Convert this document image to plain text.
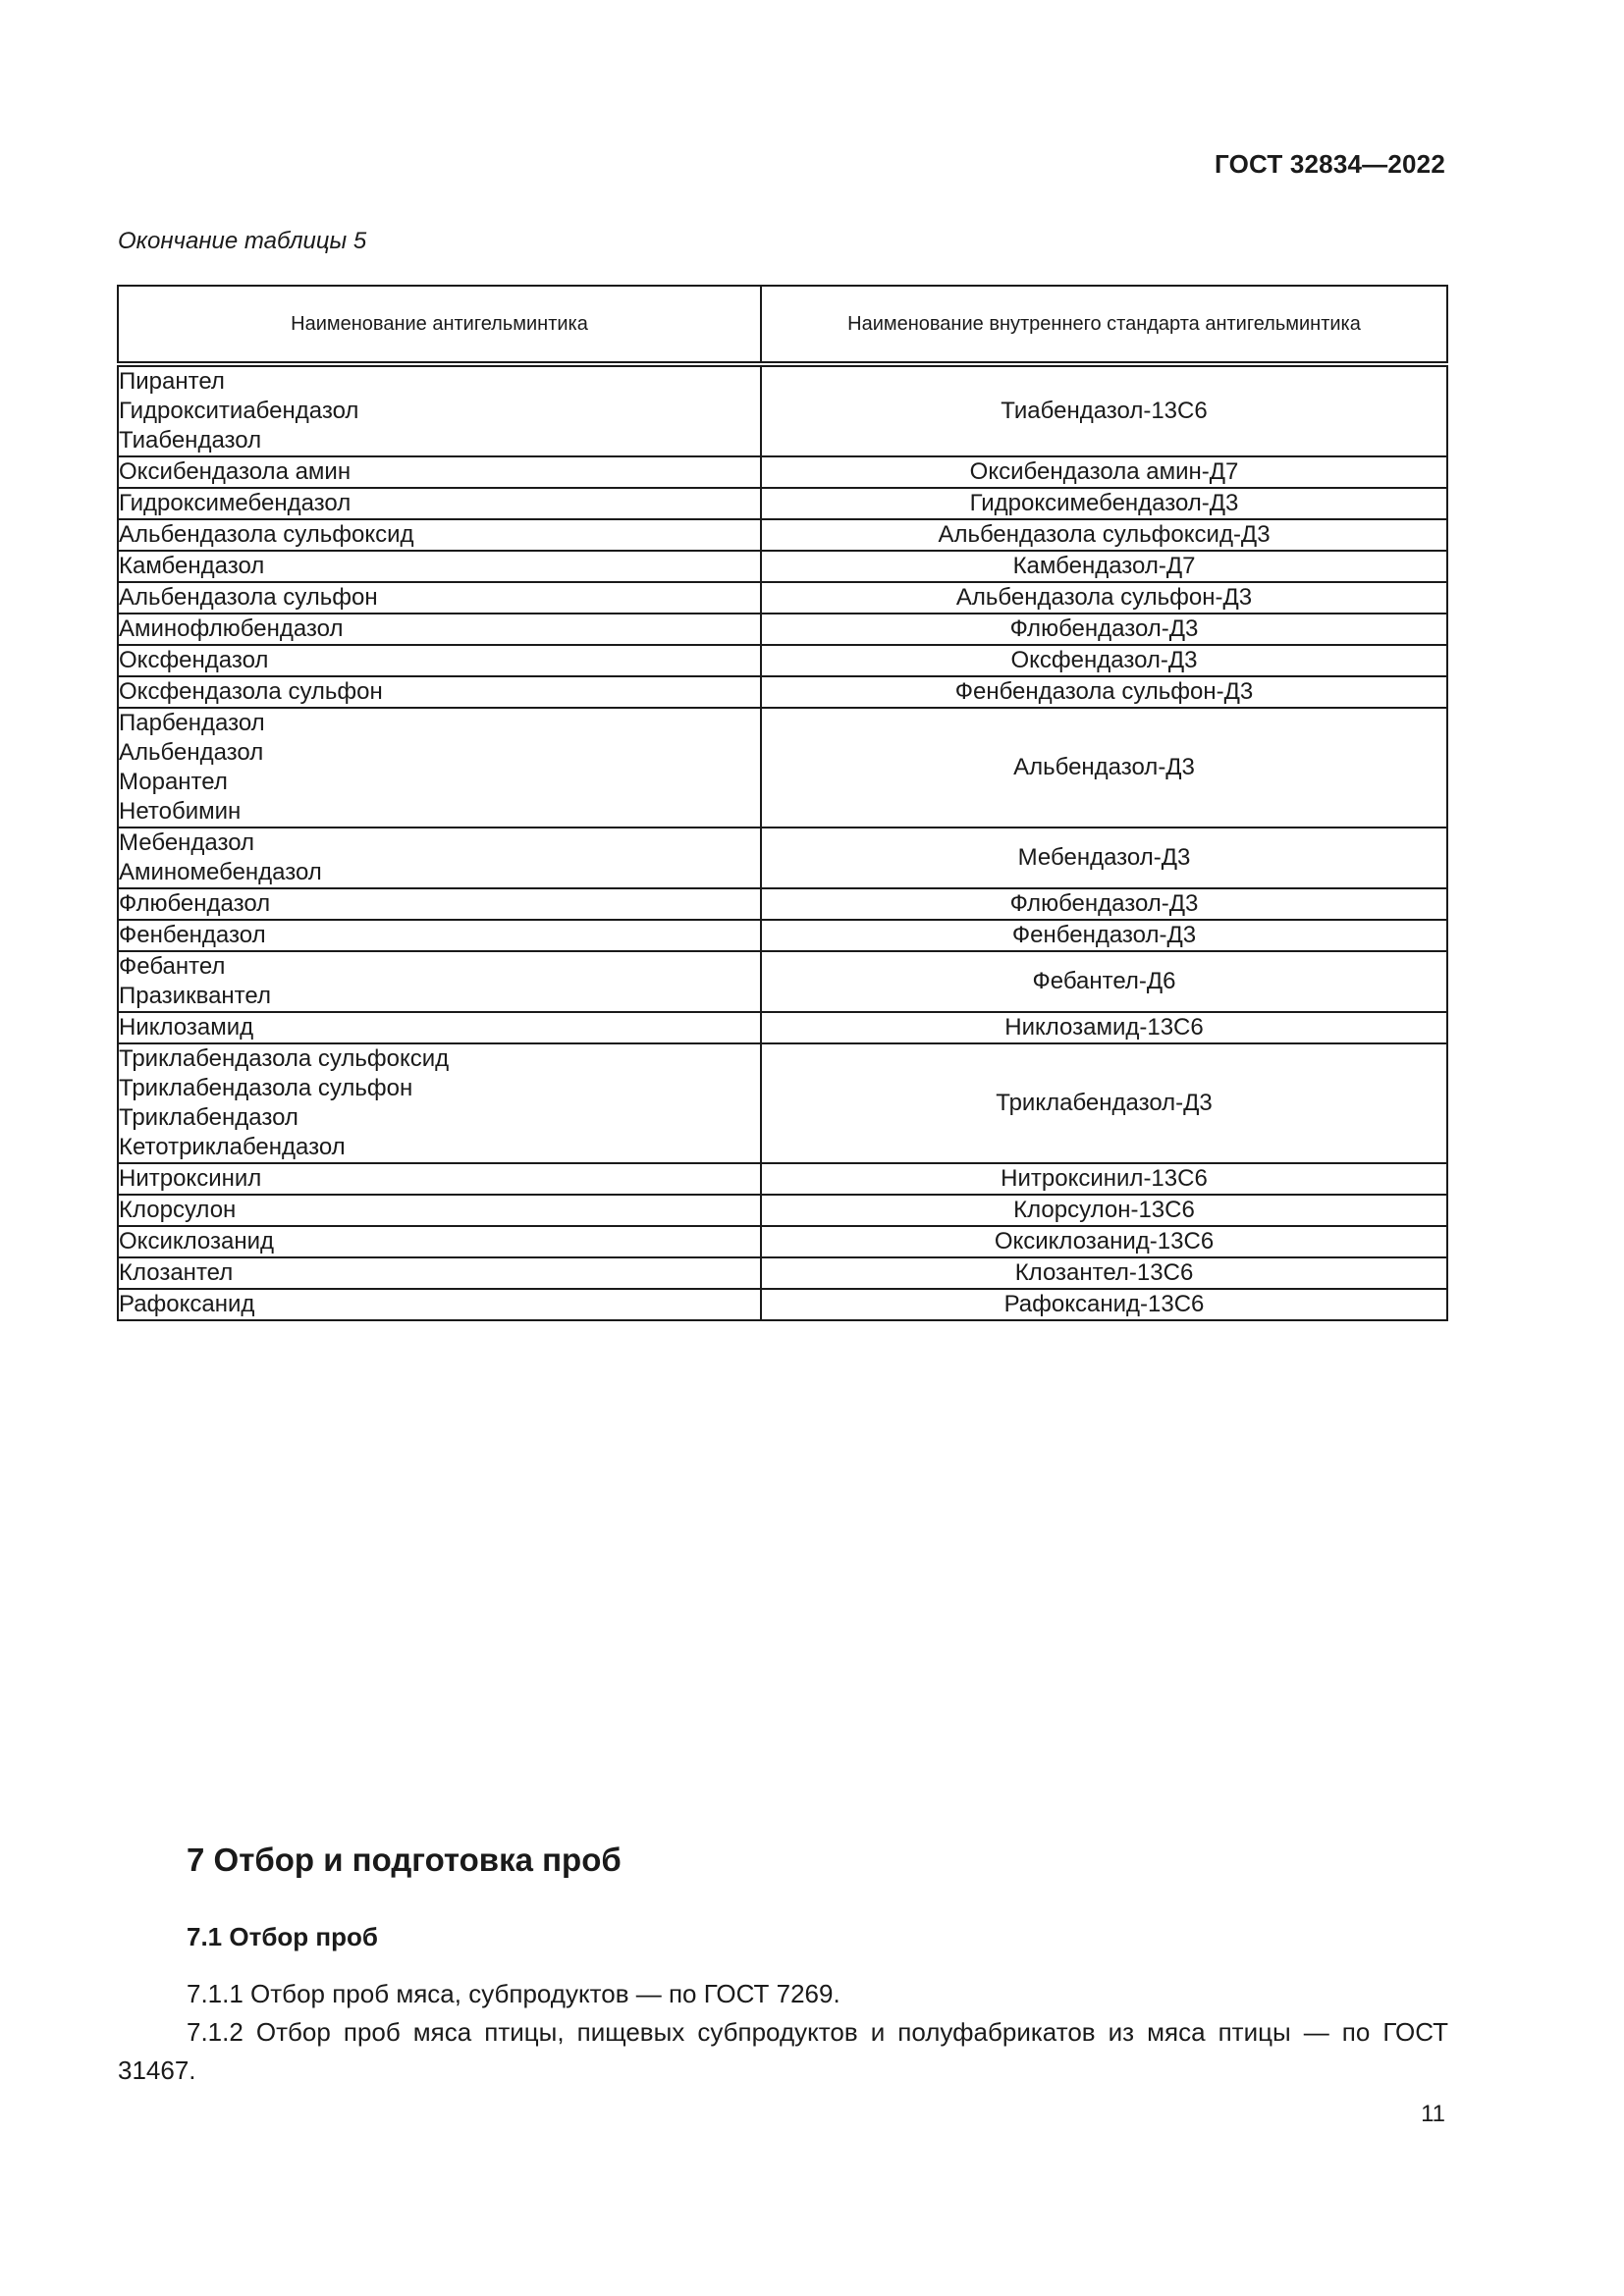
ГОСТ 32834—2022
Окончание таблицы 5
Наименование антигельминтика	Наименование внутреннего стандарта антигельминтика

Пирантел
Гидрокситиабендазол
Тиабендазол	Тиабендазол-13С6

Оксибендазола амин	Оксибендазола амин-Д7

Гидроксимебендазол	Гидроксимебендазол-Д3

Альбендазола сульфоксид	Альбендазола сульфоксид-Д3

Камбендазол	Камбендазол-Д7

Альбендазола сульфон	Альбендазола сульфон-Д3

Аминофлюбендазол	Флюбендазол-Д3

Оксфендазол	Оксфендазол-Д3

Оксфендазола сульфон	Фенбендазола сульфон-Д3

Парбендазол
Альбендазол
Морантел
Нетобимин	Альбендазол-Д3

Мебендазол
Аминомебендазол	Мебендазол-Д3

Флюбендазол	Флюбендазол-Д3

Фенбендазол	Фенбендазол-Д3

Фебантел
Празиквантел	Фебантел-Д6

Никлозамид	Никлозамид-13С6

Триклабендазола сульфоксид
Триклабендазола сульфон
Триклабендазол
Кетотриклабендазол	Триклабендазол-Д3

Нитроксинил	Нитроксинил-13С6

Клорсулон	Клорсулон-13С6

Оксиклозанид	Оксиклозанид-13С6

Клозантел	Клозантел-13С6

Рафоксанид	Рафоксанид-13С6
7 Отбор и подготовка проб
7.1 Отбор проб
7.1.1 Отбор проб мяса, субпродуктов — по ГОСТ 7269.
7.1.2 Отбор проб мяса птицы, пищевых субпродуктов и полуфабрикатов из мяса птицы — по ГОСТ 31467.
11
